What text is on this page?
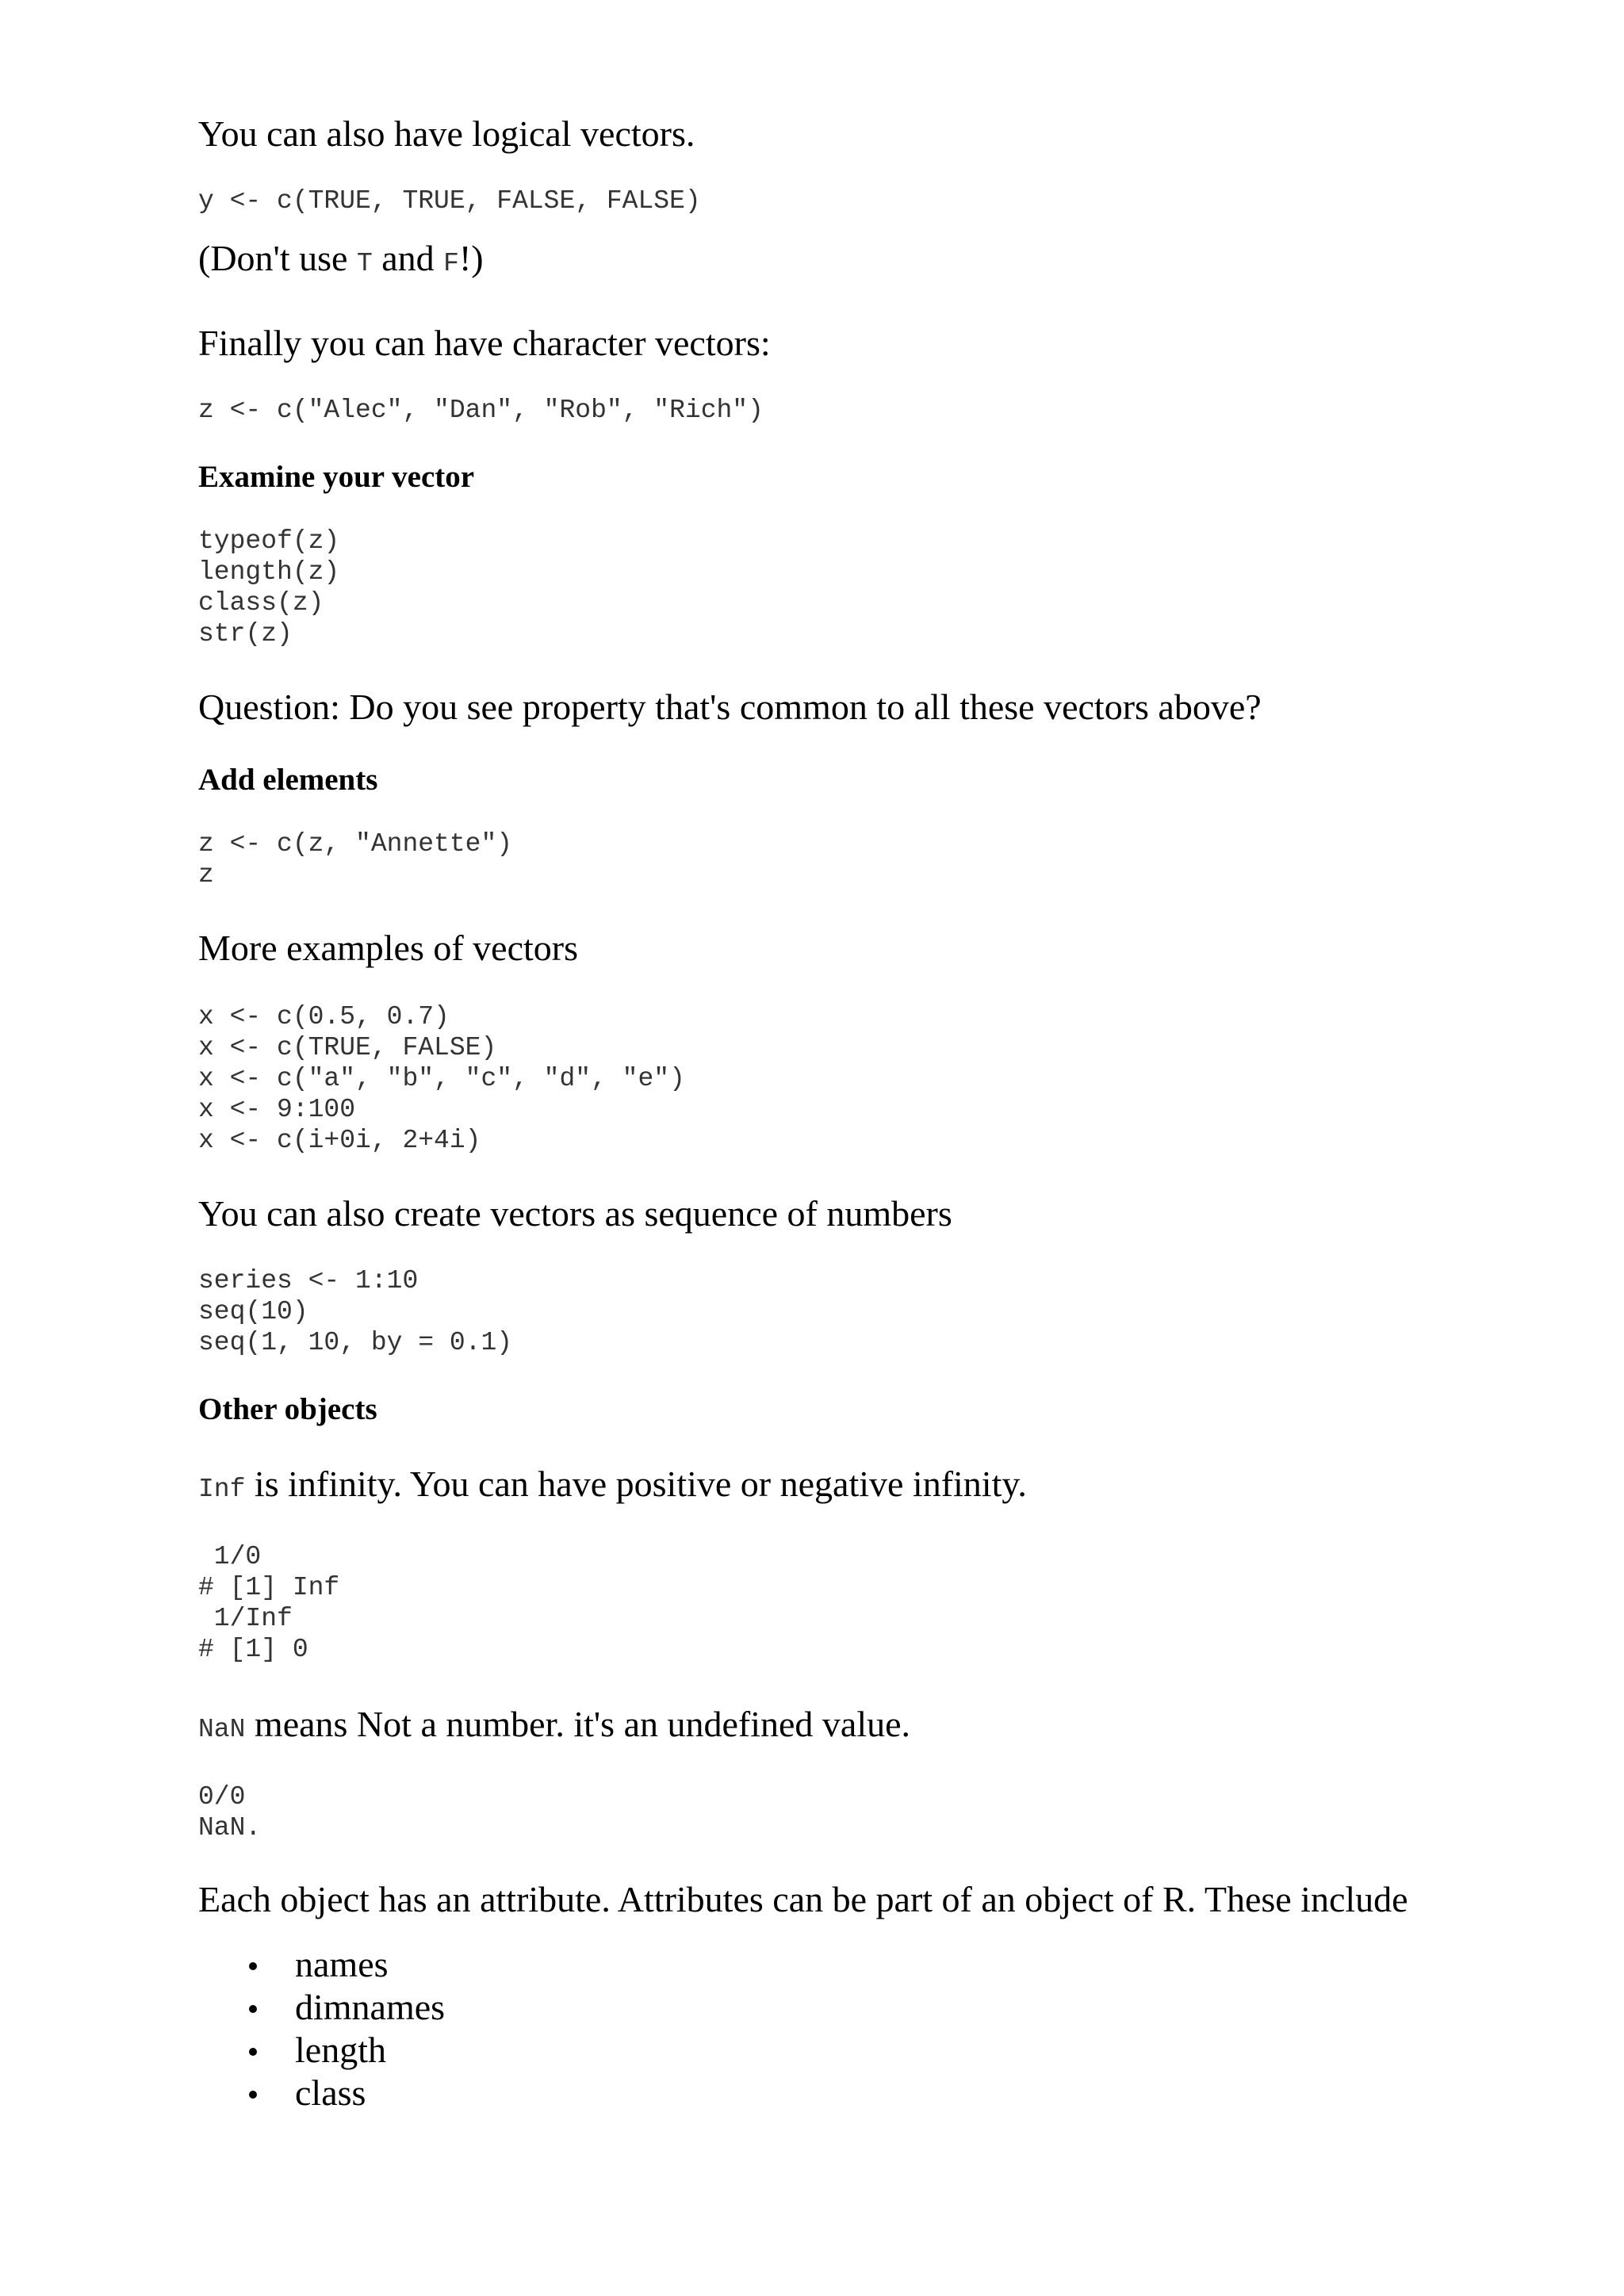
You can also have logical vectors.

y <- c(TRUE, TRUE, FALSE, FALSE)

(Don't use T and F!)

Finally you can have character vectors:

z <- c("Alec", "Dan", "Rob", "Rich")
Examine your vector
typeof(z)
length(z)
class(z)
str(z)

Question: Do you see property that's common to all these vectors above?

Add elements
z <- c(z, "Annette")
z

More examples of vectors

x <- c(0.5, 0.7)
x <- c(TRUE, FALSE)
x <- c("a", "b", "c", "d", "e")
x <- 9:100
x <- c(i+0i, 2+4i)

You can also create vectors as sequence of numbers

series <- 1:10
seq(10)
seq(1, 10, by = 0.1)
Other objects

Inf is infinity. You can have positive or negative infinity.

1/0
# [1] Inf
1/Inf
# [1] 0

NaN means Not a number. it's an undefined value.

0/0
NaN.

Each object has an attribute. Attributes can be part of an object of R. These include

names
dimnames
length
class
